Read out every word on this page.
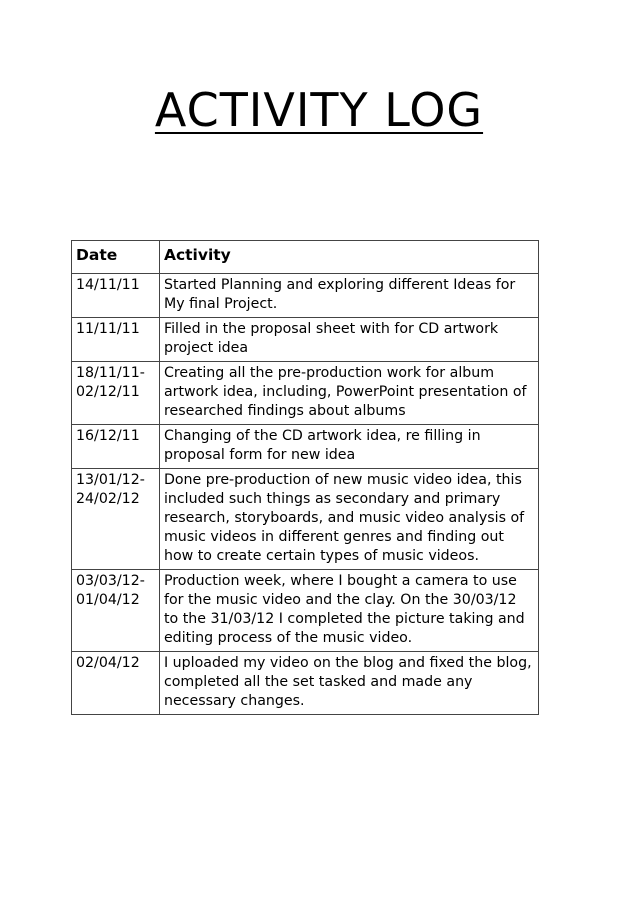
ACTIVITY LOG
Date	Activity
14/11/11	Started Planning and exploring different Ideas for My final Project.
11/11/11	Filled in the proposal sheet with for CD artwork project idea
18/11/11-
02/12/11	Creating all the pre-production work for album artwork idea, including, PowerPoint presentation of researched findings about albums
16/12/11	Changing of the CD artwork idea, re filling in proposal form for new idea
13/01/12-
24/02/12	Done pre-production of new music video idea, this included such things as secondary and primary research, storyboards, and music video analysis of music videos in different genres and finding out how to create certain types of music videos.
03/03/12-
01/04/12	Production week, where I bought a camera to use for the music video and the clay. On the 30/03/12 to the 31/03/12 I completed the picture taking and editing process of the music video.
02/04/12	I uploaded my video on the blog and fixed the blog, completed all the set tasked and made any necessary changes.
